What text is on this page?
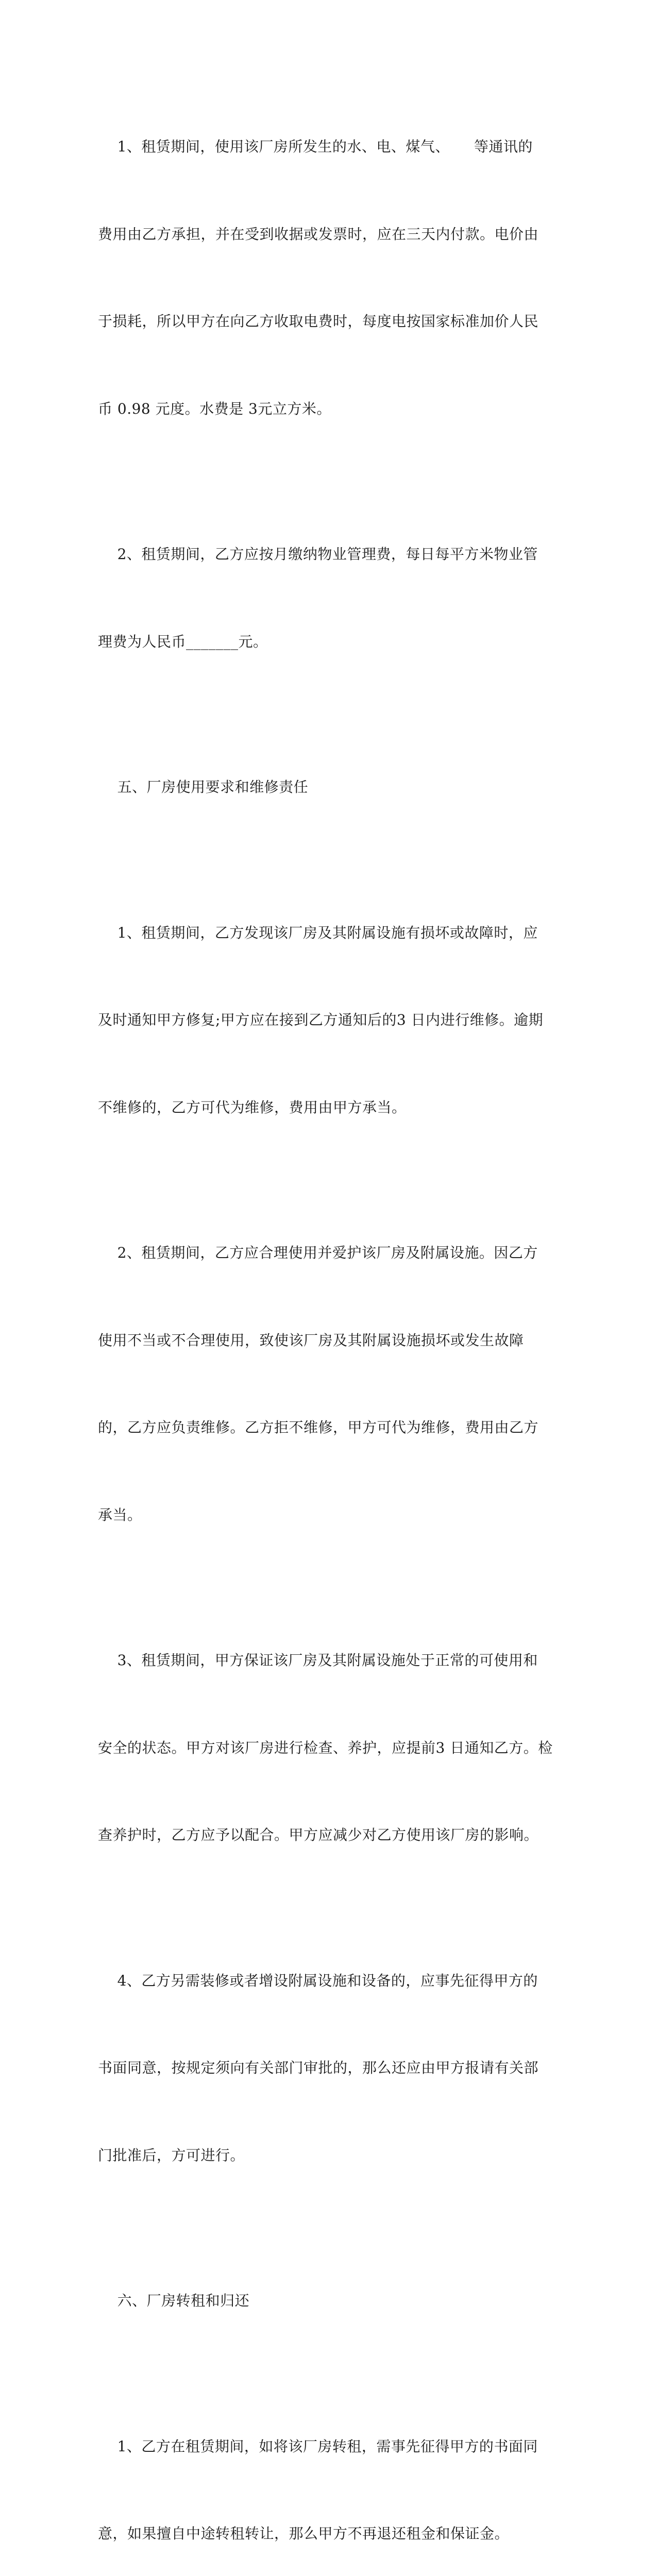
1、租赁期间，使用该厂房所发生的水、电、煤气、     等通讯的

费用由乙方承担，并在受到收据或发票时，应在三天内付款。电价由

于损耗，所以甲方在向乙方收取电费时，每度电按国家标准加价人民

币 0.98 元度。水费是 3元立方米。

2、租赁期间，乙方应按月缴纳物业管理费，每日每平方米物业管

理费为人民币_______元。

五、厂房使用要求和维修责任

1、租赁期间，乙方发现该厂房及其附属设施有损坏或故障时，应

及时通知甲方修复;甲方应在接到乙方通知后的3 日内进行维修。逾期

不维修的，乙方可代为维修，费用由甲方承当。

2、租赁期间，乙方应合理使用并爱护该厂房及附属设施。因乙方

使用不当或不合理使用，致使该厂房及其附属设施损坏或发生故障

的，乙方应负责维修。乙方拒不维修，甲方可代为维修，费用由乙方

承当。

3、租赁期间，甲方保证该厂房及其附属设施处于正常的可使用和

安全的状态。甲方对该厂房进行检查、养护，应提前3 日通知乙方。检

查养护时，乙方应予以配合。甲方应减少对乙方使用该厂房的影响。

4、乙方另需装修或者增设附属设施和设备的，应事先征得甲方的

书面同意，按规定须向有关部门审批的，那么还应由甲方报请有关部

门批准后，方可进行。

六、厂房转租和归还

1、乙方在租赁期间，如将该厂房转租，需事先征得甲方的书面同

意，如果擅自中途转租转让，那么甲方不再退还租金和保证金。
